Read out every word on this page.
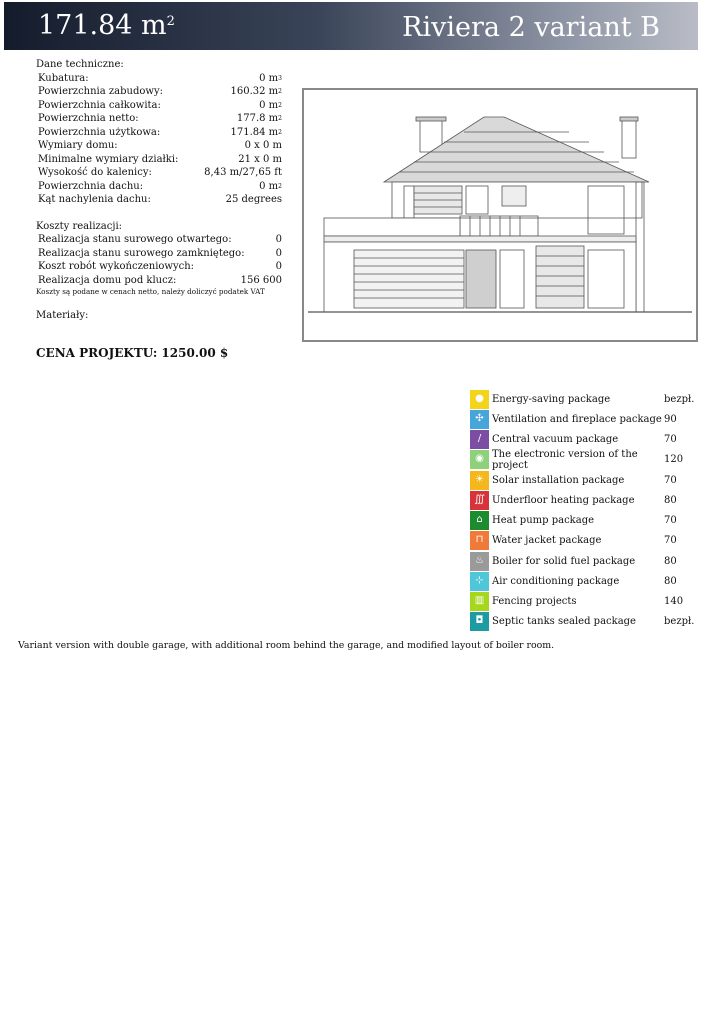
171.84 $m^2$	Riviera 2 variant B
Dane techniczne:
Kubatura:	0 $m^3$
Powierzchnia zabudowy:	160.32 $m^2$
Powierzchnia całkowita:	0 $m^2$
Powierzchnia netto:	177.8 $m^2$
Powierzchnia użytkowa:	171.84 $m^2$
Wymiary domu:	0 x 0 m
Minimalne wymiary działki:	21 x 0 m
Wysokość do kalenicy:	8,43 m/27,65 ft
Powierzchnia dachu:	0 $m^2$
Kąt nachylenia dachu:	25 degrees
Koszty realizacji:
Realizacja stanu surowego otwartego:	0
Realizacja stanu surowego zamkniętego:	0
Koszt robót wykończeniowych:	0
Realizacja domu pod klucz:	156 600
Koszty są podane w cenach netto, należy doliczyć podatek VAT
Materiały:
CENA PROJEKTU: 1250.00 $
● Energy-saving package	bezpł.
✣ Ventilation and fireplace package 90
/	Central vacuum package	70
◉ The electronic version of the project	120
☀ Solar installation package	70
∭ Underfloor heating package	80
⌂ Heat pump package	70
⊓ Water jacket package	70
♨ Boiler for solid fuel package	80
⊹ Air conditioning package	80
▥ Fencing projects	140
◘ Septic tanks sealed package	bezpł.
Variant version with double garage, with additional room behind the garage, and modified layout of boiler room.
